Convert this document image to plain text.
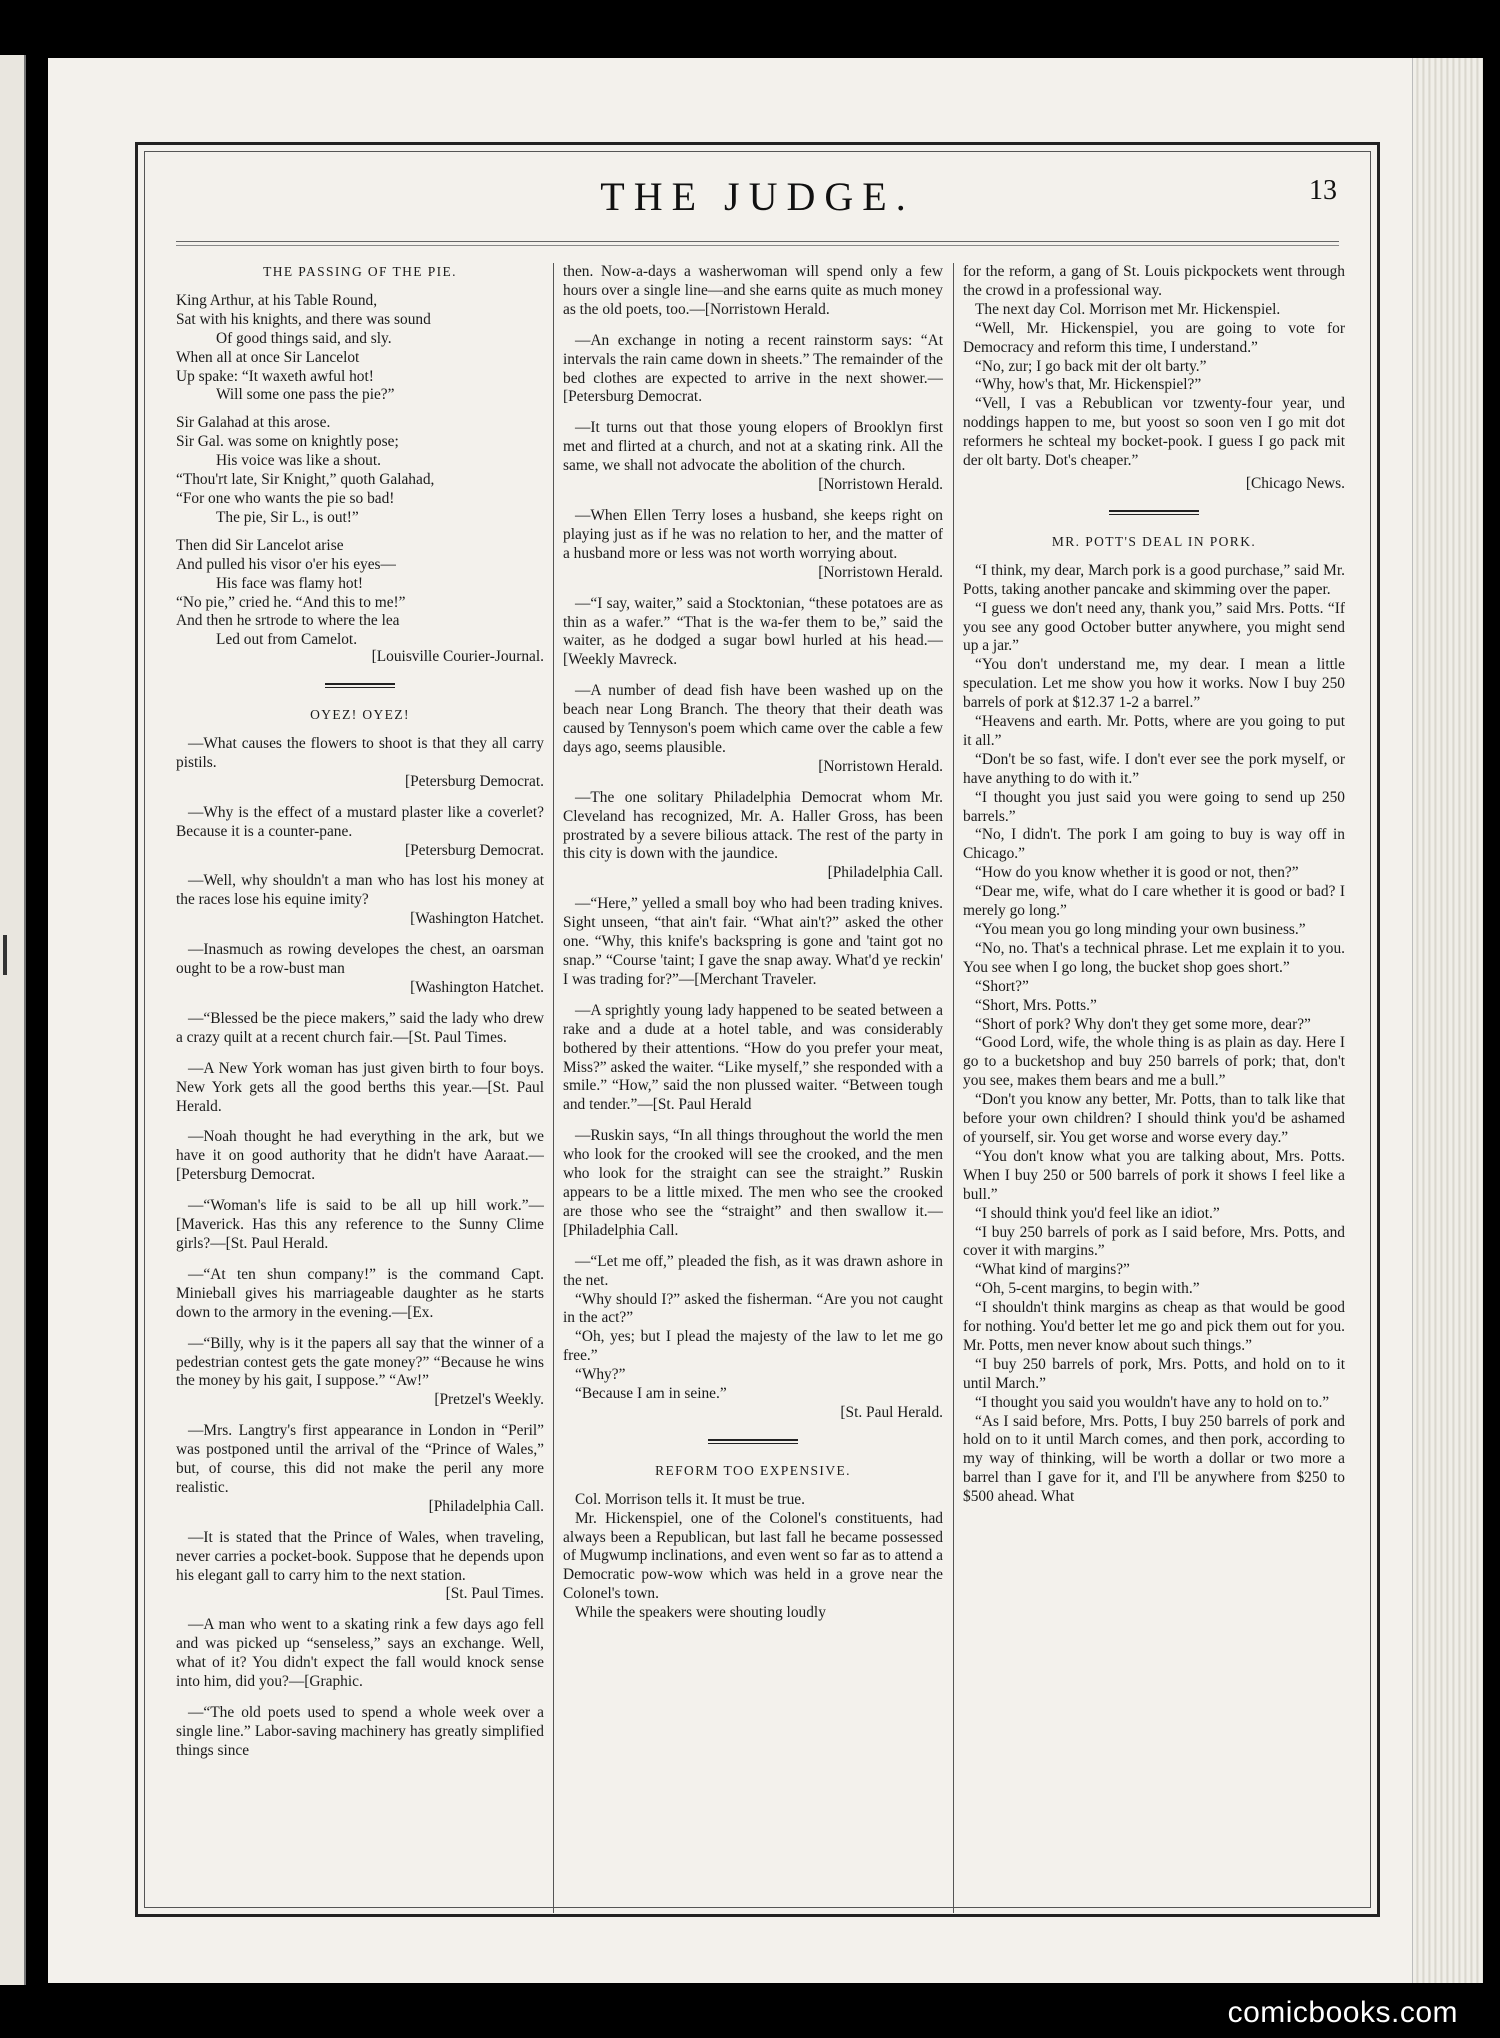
THE JUDGE.	13
THE PASSING OF THE PIE.

King Arthur, at his Table Round,

Sat with his knights, and there was sound

Of good things said, and sly.

When all at once Sir Lancelot

Up spake: “It waxeth awful hot!

Will some one pass the pie?”

Sir Galahad at this arose.

Sir Gal. was some on knightly pose;

His voice was like a shout.

“Thou'rt late, Sir Knight,” quoth Galahad,

“For one who wants the pie so bad!

The pie, Sir L., is out!”

Then did Sir Lancelot arise

And pulled his visor o'er his eyes—

His face was flamy hot!

“No pie,” cried he. “And this to me!”

And then he srtrode to where the lea

Led out from Camelot.

[Louisville Courier-Journal.

OYEZ! OYEZ!

—What causes the flowers to shoot is that they all carry pistils.

[Petersburg Democrat.

—Why is the effect of a mustard plaster like a coverlet? Because it is a counter-pane.

[Petersburg Democrat.

—Well, why shouldn't a man who has lost his money at the races lose his equine imity?

[Washington Hatchet.

—Inasmuch as rowing developes the chest, an oarsman ought to be a row-bust man

[Washington Hatchet.

—“Blessed be the piece makers,” said the lady who drew a crazy quilt at a recent church fair.—[St. Paul Times.

—A New York woman has just given birth to four boys. New York gets all the good berths this year.—[St. Paul Herald.

—Noah thought he had everything in the ark, but we have it on good authority that he didn't have Aaraat.—[Petersburg Democrat.

—“Woman's life is said to be all up hill work.”—[Maverick. Has this any reference to the Sunny Clime girls?—[St. Paul Herald.

—“At ten shun company!” is the command Capt. Minieball gives his marriageable daughter as he starts down to the armory in the evening.—[Ex.

—“Billy, why is it the papers all say that the winner of a pedestrian contest gets the gate money?” “Because he wins the money by his gait, I suppose.” “Aw!”

[Pretzel's Weekly.

—Mrs. Langtry's first appearance in London in “Peril” was postponed until the arrival of the “Prince of Wales,” but, of course, this did not make the peril any more realistic.

[Philadelphia Call.

—It is stated that the Prince of Wales, when traveling, never carries a pocket-book. Suppose that he depends upon his elegant gall to carry him to the next station.

[St. Paul Times.

—A man who went to a skating rink a few days ago fell and was picked up “senseless,” says an exchange. Well, what of it? You didn't expect the fall would knock sense into him, did you?—[Graphic.

—“The old poets used to spend a whole week over a single line.” Labor-saving machinery has greatly simplified things since

then. Now-a-days a washerwoman will spend only a few hours over a single line—and she earns quite as much money as the old poets, too.—[Norristown Herald.

—An exchange in noting a recent rainstorm says: “At intervals the rain came down in sheets.” The remainder of the bed clothes are expected to arrive in the next shower.—[Petersburg Democrat.

—It turns out that those young elopers of Brooklyn first met and flirted at a church, and not at a skating rink. All the same, we shall not advocate the abolition of the church.

[Norristown Herald.

—When Ellen Terry loses a husband, she keeps right on playing just as if he was no relation to her, and the matter of a husband more or less was not worth worrying about.

[Norristown Herald.

—“I say, waiter,” said a Stocktonian, “these potatoes are as thin as a wafer.” “That is the wa-fer them to be,” said the waiter, as he dodged a sugar bowl hurled at his head.—[Weekly Mavreck.

—A number of dead fish have been washed up on the beach near Long Branch. The theory that their death was caused by Tennyson's poem which came over the cable a few days ago, seems plausible.

[Norristown Herald.

—The one solitary Philadelphia Democrat whom Mr. Cleveland has recognized, Mr. A. Haller Gross, has been prostrated by a severe bilious attack. The rest of the party in this city is down with the jaundice.

[Philadelphia Call.

—“Here,” yelled a small boy who had been trading knives. Sight unseen, “that ain't fair. “What ain't?” asked the other one. “Why, this knife's backspring is gone and 'taint got no snap.” “Course 'taint; I gave the snap away. What'd ye reckin' I was trading for?”—[Merchant Traveler.

—A sprightly young lady happened to be seated between a rake and a dude at a hotel table, and was considerably bothered by their attentions. “How do you prefer your meat, Miss?” asked the waiter. “Like myself,” she responded with a smile.” “How,” said the non plussed waiter. “Between tough and tender.”—[St. Paul Herald

—Ruskin says, “In all things throughout the world the men who look for the crooked will see the crooked, and the men who look for the straight can see the straight.” Ruskin appears to be a little mixed. The men who see the crooked are those who see the “straight” and then swallow it.—[Philadelphia Call.

—“Let me off,” pleaded the fish, as it was drawn ashore in the net.

“Why should I?” asked the fisherman. “Are you not caught in the act?”

“Oh, yes; but I plead the majesty of the law to let me go free.”

“Why?”

“Because I am in seine.”

[St. Paul Herald.

REFORM TOO EXPENSIVE.

Col. Morrison tells it. It must be true.

Mr. Hickenspiel, one of the Colonel's constituents, had always been a Republican, but last fall he became possessed of Mugwump inclinations, and even went so far as to attend a Democratic pow-wow which was held in a grove near the Colonel's town.

While the speakers were shouting loudly

for the reform, a gang of St. Louis pickpockets went through the crowd in a professional way.

The next day Col. Morrison met Mr. Hickenspiel.

“Well, Mr. Hickenspiel, you are going to vote for Democracy and reform this time, I understand.”

“No, zur; I go back mit der olt barty.”

“Why, how's that, Mr. Hickenspiel?”

“Vell, I vas a Rebublican vor tzwenty-four year, und noddings happen to me, but yoost so soon ven I go mit dot reformers he schteal my bocket-pook. I guess I go pack mit der olt barty. Dot's cheaper.”

[Chicago News.

MR. POTT'S DEAL IN PORK.

“I think, my dear, March pork is a good purchase,” said Mr. Potts, taking another pancake and skimming over the paper.

“I guess we don't need any, thank you,” said Mrs. Potts. “If you see any good October butter anywhere, you might send up a jar.”

“You don't understand me, my dear. I mean a little speculation. Let me show you how it works. Now I buy 250 barrels of pork at $12.37 1-2 a barrel.”

“Heavens and earth. Mr. Potts, where are you going to put it all.”

“Don't be so fast, wife. I don't ever see the pork myself, or have anything to do with it.”

“I thought you just said you were going to send up 250 barrels.”

“No, I didn't. The pork I am going to buy is way off in Chicago.”

“How do you know whether it is good or not, then?”

“Dear me, wife, what do I care whether it is good or bad? I merely go long.”

“You mean you go long minding your own business.”

“No, no. That's a technical phrase. Let me explain it to you. You see when I go long, the bucket shop goes short.”

“Short?”

“Short, Mrs. Potts.”

“Short of pork? Why don't they get some more, dear?”

“Good Lord, wife, the whole thing is as plain as day. Here I go to a bucketshop and buy 250 barrels of pork; that, don't you see, makes them bears and me a bull.”

“Don't you know any better, Mr. Potts, than to talk like that before your own children? I should think you'd be ashamed of yourself, sir. You get worse and worse every day.”

“You don't know what you are talking about, Mrs. Potts. When I buy 250 or 500 barrels of pork it shows I feel like a bull.”

“I should think you'd feel like an idiot.”

“I buy 250 barrels of pork as I said before, Mrs. Potts, and cover it with margins.”

“What kind of margins?”

“Oh, 5-cent margins, to begin with.”

“I shouldn't think margins as cheap as that would be good for nothing. You'd better let me go and pick them out for you. Mr. Potts, men never know about such things.”

“I buy 250 barrels of pork, Mrs. Potts, and hold on to it until March.”

“I thought you said you wouldn't have any to hold on to.”

“As I said before, Mrs. Potts, I buy 250 barrels of pork and hold on to it until March comes, and then pork, according to my way of thinking, will be worth a dollar or two more a barrel than I gave for it, and I'll be anywhere from $250 to $500 ahead. What

comicbooks.com
